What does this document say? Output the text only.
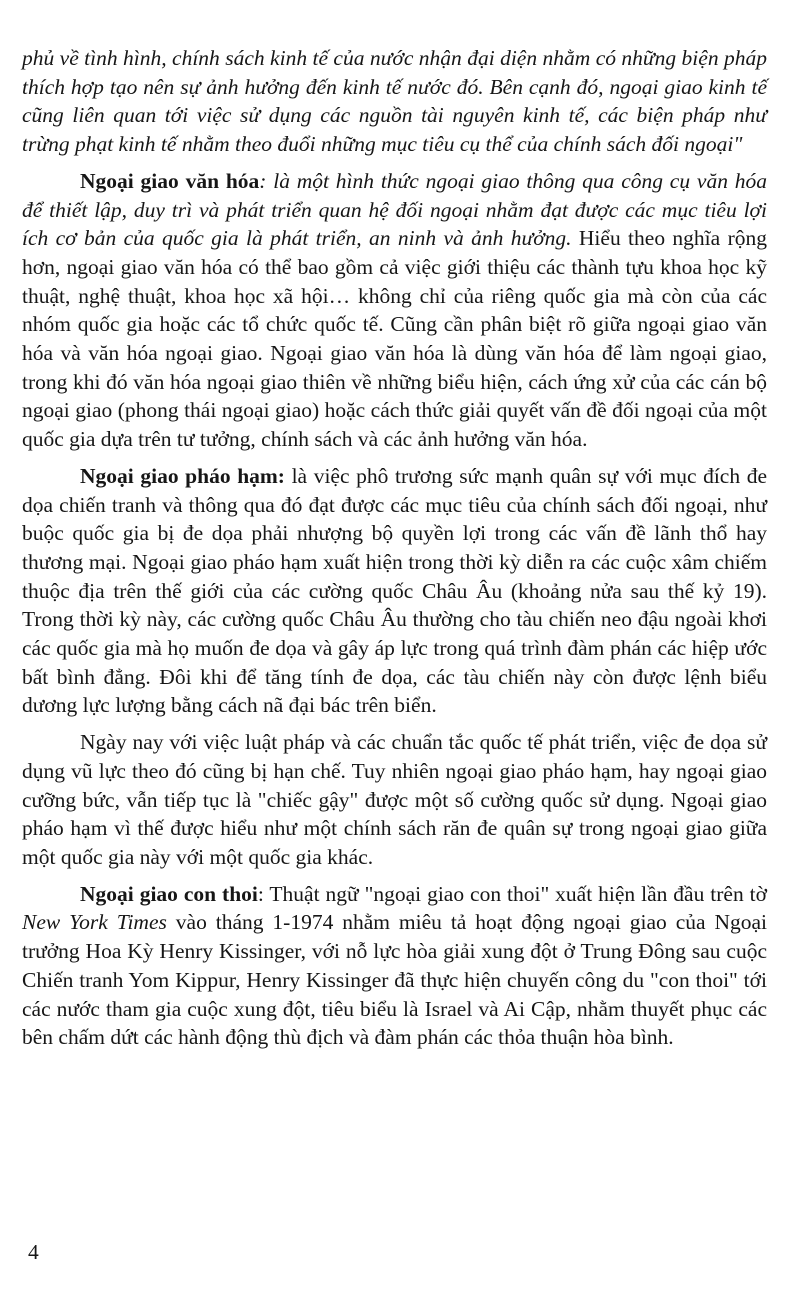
phủ về tình hình, chính sách kinh tế của nước nhận đại diện nhằm có những biện pháp thích hợp tạo nên sự ảnh hưởng đến kinh tế nước đó. Bên cạnh đó, ngoại giao kinh tế cũng liên quan tới việc sử dụng các nguồn tài nguyên kinh tế, các biện pháp như trừng phạt kinh tế nhằm theo đuổi những mục tiêu cụ thể của chính sách đối ngoại"

Ngoại giao văn hóa: là một hình thức ngoại giao thông qua công cụ văn hóa để thiết lập, duy trì và phát triển quan hệ đối ngoại nhằm đạt được các mục tiêu lợi ích cơ bản của quốc gia là phát triển, an ninh và ảnh hưởng. Hiểu theo nghĩa rộng hơn, ngoại giao văn hóa có thể bao gồm cả việc giới thiệu các thành tựu khoa học kỹ thuật, nghệ thuật, khoa học xã hội… không chỉ của riêng quốc gia mà còn của các nhóm quốc gia hoặc các tổ chức quốc tế. Cũng cần phân biệt rõ giữa ngoại giao văn hóa và văn hóa ngoại giao. Ngoại giao văn hóa là dùng văn hóa để làm ngoại giao, trong khi đó văn hóa ngoại giao thiên về những biểu hiện, cách ứng xử của các cán bộ ngoại giao (phong thái ngoại giao) hoặc cách thức giải quyết vấn đề đối ngoại của một quốc gia dựa trên tư tưởng, chính sách và các ảnh hưởng văn hóa.

Ngoại giao pháo hạm: là việc phô trương sức mạnh quân sự với mục đích đe dọa chiến tranh và thông qua đó đạt được các mục tiêu của chính sách đối ngoại, như buộc quốc gia bị đe dọa phải nhượng bộ quyền lợi trong các vấn đề lãnh thổ hay thương mại. Ngoại giao pháo hạm xuất hiện trong thời kỳ diễn ra các cuộc xâm chiếm thuộc địa trên thế giới của các cường quốc Châu Âu (khoảng nửa sau thế kỷ 19). Trong thời kỳ này, các cường quốc Châu Âu thường cho tàu chiến neo đậu ngoài khơi các quốc gia mà họ muốn đe dọa và gây áp lực trong quá trình đàm phán các hiệp ước bất bình đẳng. Đôi khi để tăng tính đe dọa, các tàu chiến này còn được lệnh biểu dương lực lượng bằng cách nã đại bác trên biển.

Ngày nay với việc luật pháp và các chuẩn tắc quốc tế phát triển, việc đe dọa sử dụng vũ lực theo đó cũng bị hạn chế. Tuy nhiên ngoại giao pháo hạm, hay ngoại giao cưỡng bức, vẫn tiếp tục là "chiếc gậy" được một số cường quốc sử dụng. Ngoại giao pháo hạm vì thế được hiểu như một chính sách răn đe quân sự trong ngoại giao giữa một quốc gia này với một quốc gia khác.

Ngoại giao con thoi: Thuật ngữ "ngoại giao con thoi" xuất hiện lần đầu trên tờ New York Times vào tháng 1-1974 nhằm miêu tả hoạt động ngoại giao của Ngoại trưởng Hoa Kỳ Henry Kissinger, với nỗ lực hòa giải xung đột ở Trung Đông sau cuộc Chiến tranh Yom Kippur, Henry Kissinger đã thực hiện chuyến công du "con thoi" tới các nước tham gia cuộc xung đột, tiêu biểu là Israel và Ai Cập, nhằm thuyết phục các bên chấm dứt các hành động thù địch và đàm phán các thỏa thuận hòa bình.

4
